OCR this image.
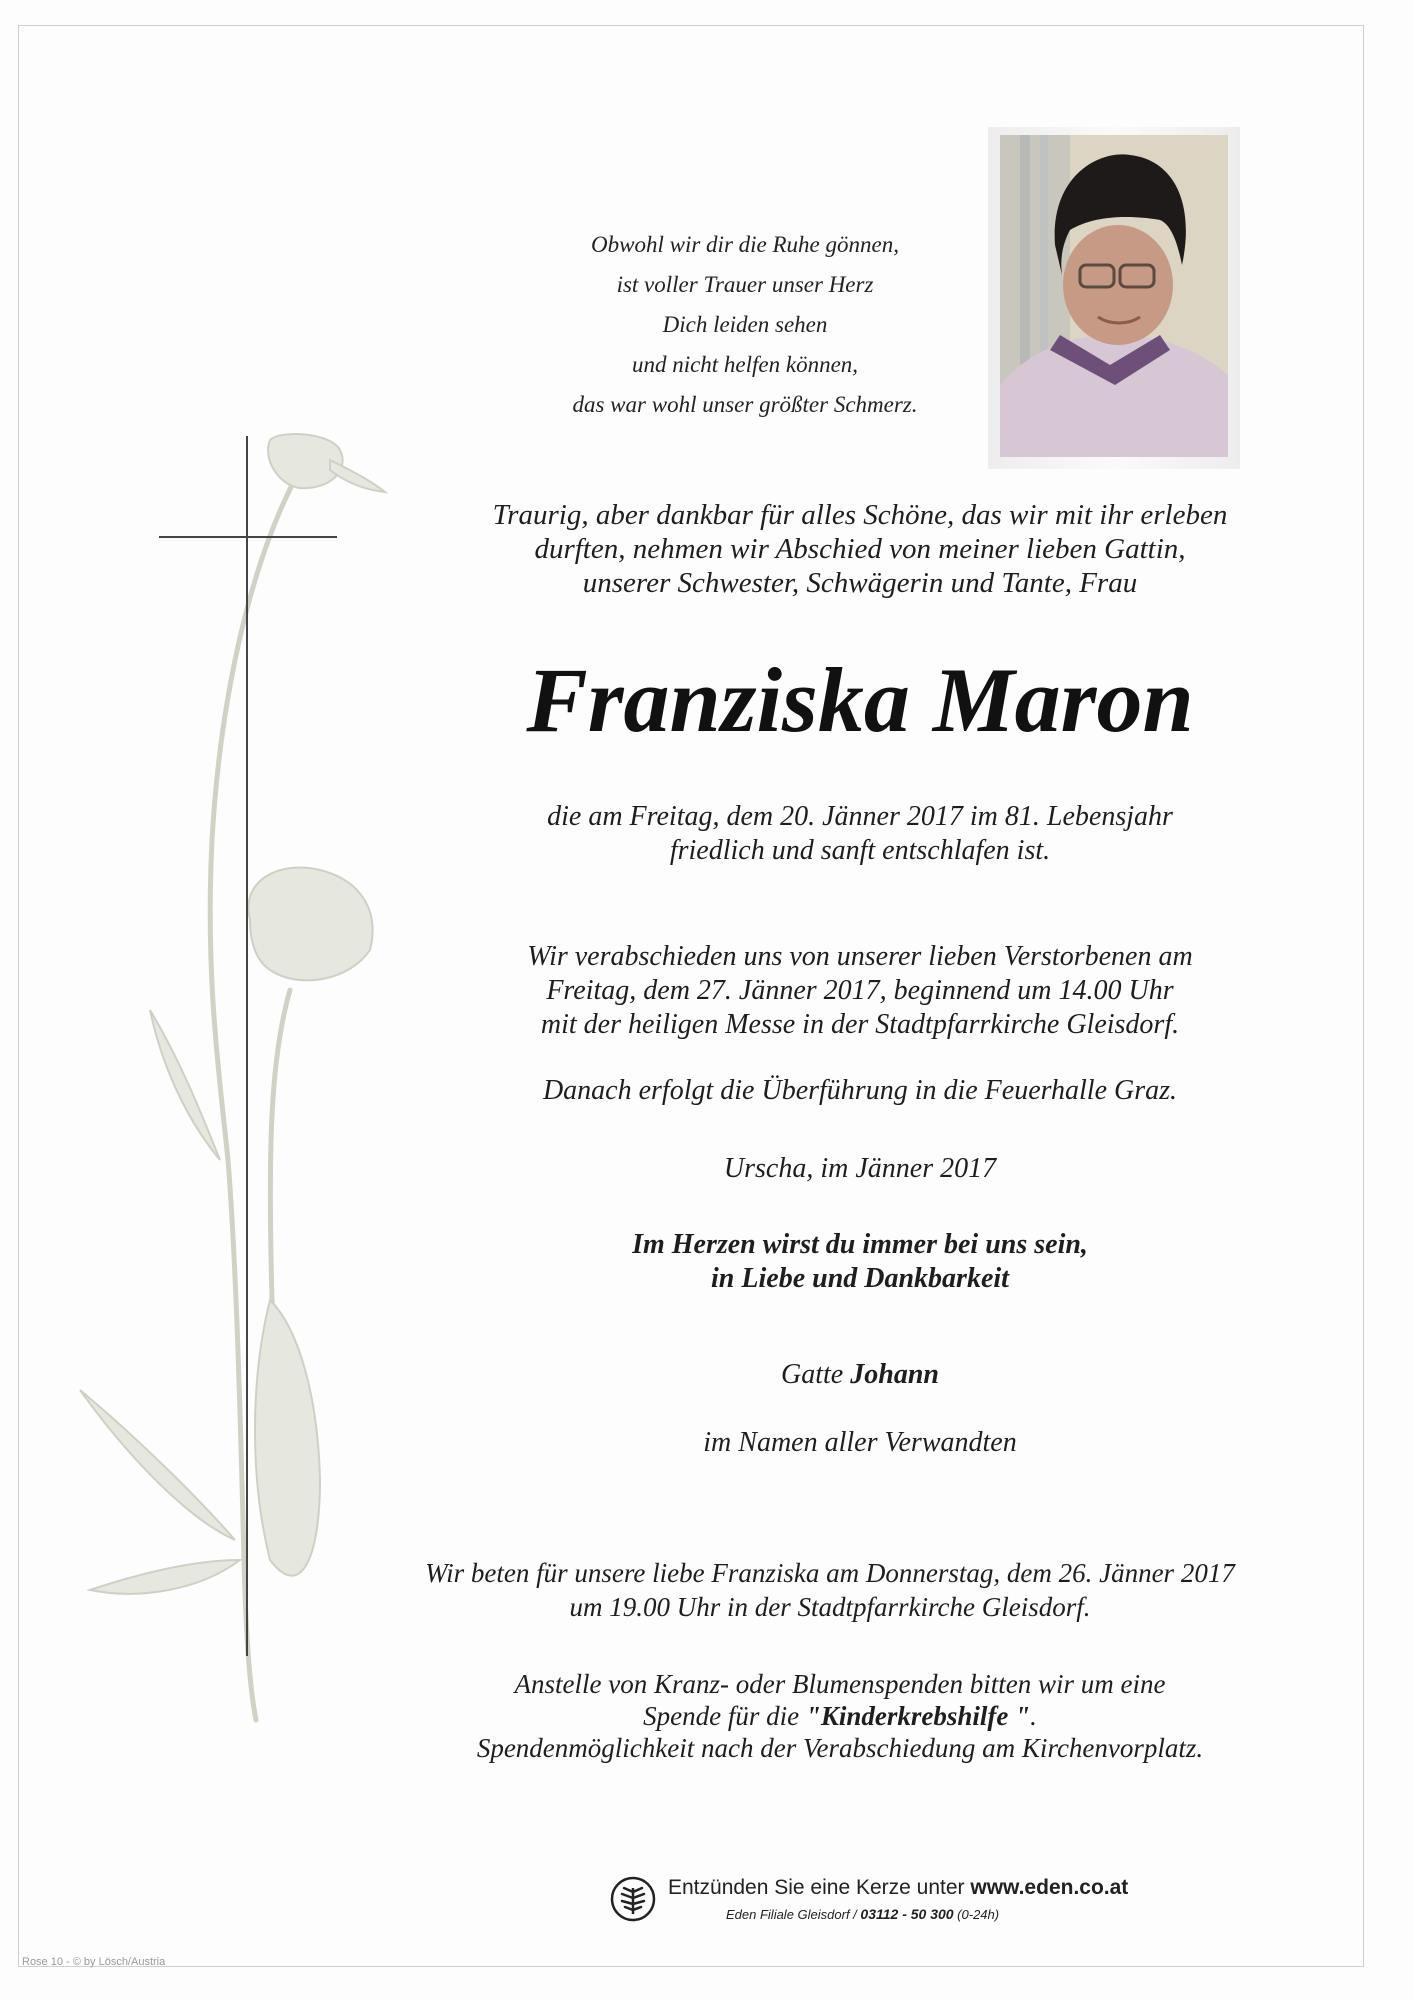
Obwohl wir dir die Ruhe gönnen,
ist voller Trauer unser Herz
Dich leiden sehen
und nicht helfen können,
das war wohl unser größter Schmerz.
Traurig, aber dankbar für alles Schöne, das wir mit ihr erleben
durften, nehmen wir Abschied von meiner lieben Gattin,
unserer Schwester, Schwägerin und Tante, Frau
Franziska Maron
die am Freitag, dem 20. Jänner 2017 im 81. Lebensjahr
friedlich und sanft entschlafen ist.
Wir verabschieden uns von unserer lieben Verstorbenen am
Freitag, dem 27. Jänner 2017, beginnend um 14.00 Uhr
mit der heiligen Messe in der Stadtpfarrkirche Gleisdorf.
Danach erfolgt die Überführung in die Feuerhalle Graz.
Urscha, im Jänner 2017
Im Herzen wirst du immer bei uns sein,
in Liebe und Dankbarkeit
Gatte Johann
im Namen aller Verwandten
Wir beten für unsere liebe Franziska am Donnerstag, dem 26. Jänner 2017
um 19.00 Uhr in der Stadtpfarrkirche Gleisdorf.
Anstelle von Kranz- oder Blumenspenden bitten wir um eine
Spende für die "Kinderkrebshilfe ".
Spendenmöglichkeit nach der Verabschiedung am Kirchenvorplatz.
Entzünden Sie eine Kerze unter www.eden.co.at
Eden Filiale Gleisdorf / 03112 - 50 300 (0-24h)
Rose 10 - © by Lösch/Austria
